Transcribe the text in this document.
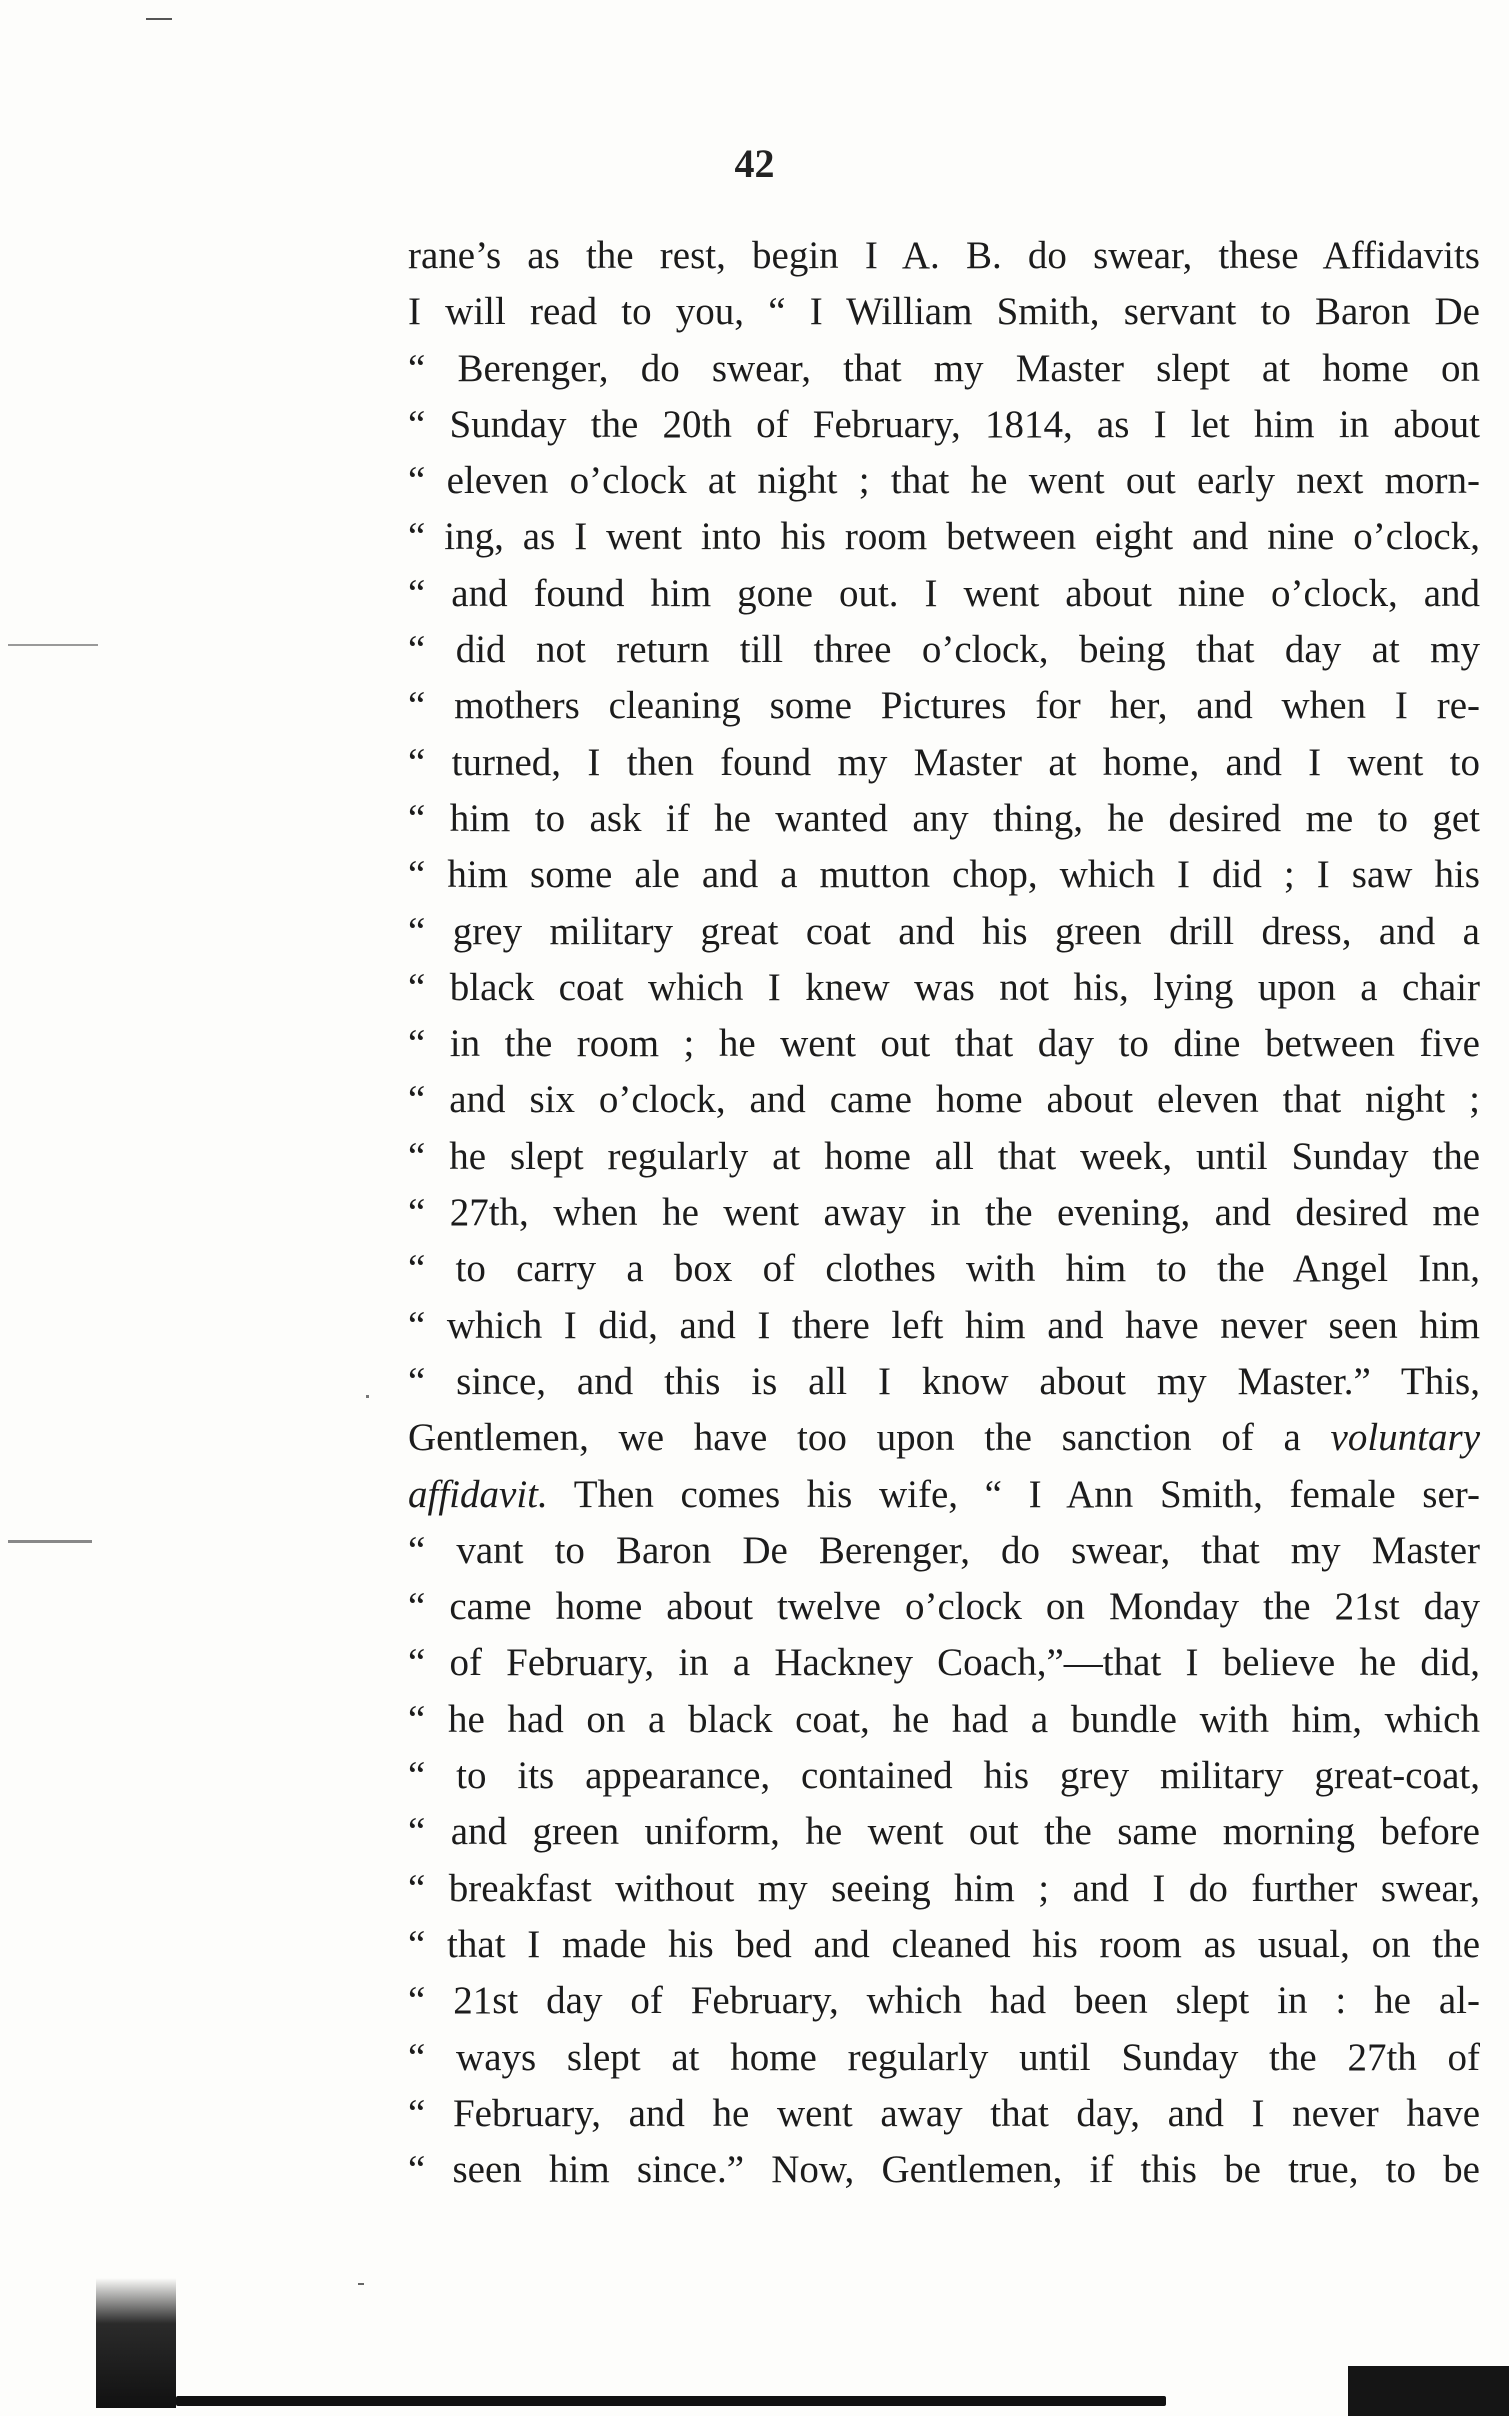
42
rane’s as the rest, begin I A. B. do swear, these Affidavits
I will read to you, “ I William Smith, servant to Baron De
“ Berenger, do swear, that my Master slept at home on
“ Sunday the 20th of February, 1814, as I let him in about
“ eleven o’clock at night ; that he went out early next morn-
“ ing, as I went into his room between eight and nine o’clock,
“ and found him gone out. I went about nine o’clock, and
“ did not return till three o’clock, being that day at my
“ mothers cleaning some Pictures for her, and when I re-
“ turned, I then found my Master at home, and I went to
“ him to ask if he wanted any thing, he desired me to get
“ him some ale and a mutton chop, which I did ; I saw his
“ grey military great coat and his green drill dress, and a
“ black coat which I knew was not his, lying upon a chair
“ in the room ; he went out that day to dine between five
“ and six o’clock, and came home about eleven that night ;
“ he slept regularly at home all that week, until Sunday the
“ 27th, when he went away in the evening, and desired me
“ to carry a box of clothes with him to the Angel Inn,
“ which I did, and I there left him and have never seen him
“ since, and this is all I know about my Master.” This,
Gentlemen, we have too upon the sanction of a voluntary
affidavit. Then comes his wife, “ I Ann Smith, female ser-
“ vant to Baron De Berenger, do swear, that my Master
“ came home about twelve o’clock on Monday the 21st day
“ of February, in a Hackney Coach,”—that I believe he did,
“ he had on a black coat, he had a bundle with him, which
“ to its appearance, contained his grey military great-coat,
“ and green uniform, he went out the same morning before
“ breakfast without my seeing him ; and I do further swear,
“ that I made his bed and cleaned his room as usual, on the
“ 21st day of February, which had been slept in : he al-
“ ways slept at home regularly until Sunday the 27th of
“ February, and he went away that day, and I never have
“ seen him since.” Now, Gentlemen, if this be true, to be
